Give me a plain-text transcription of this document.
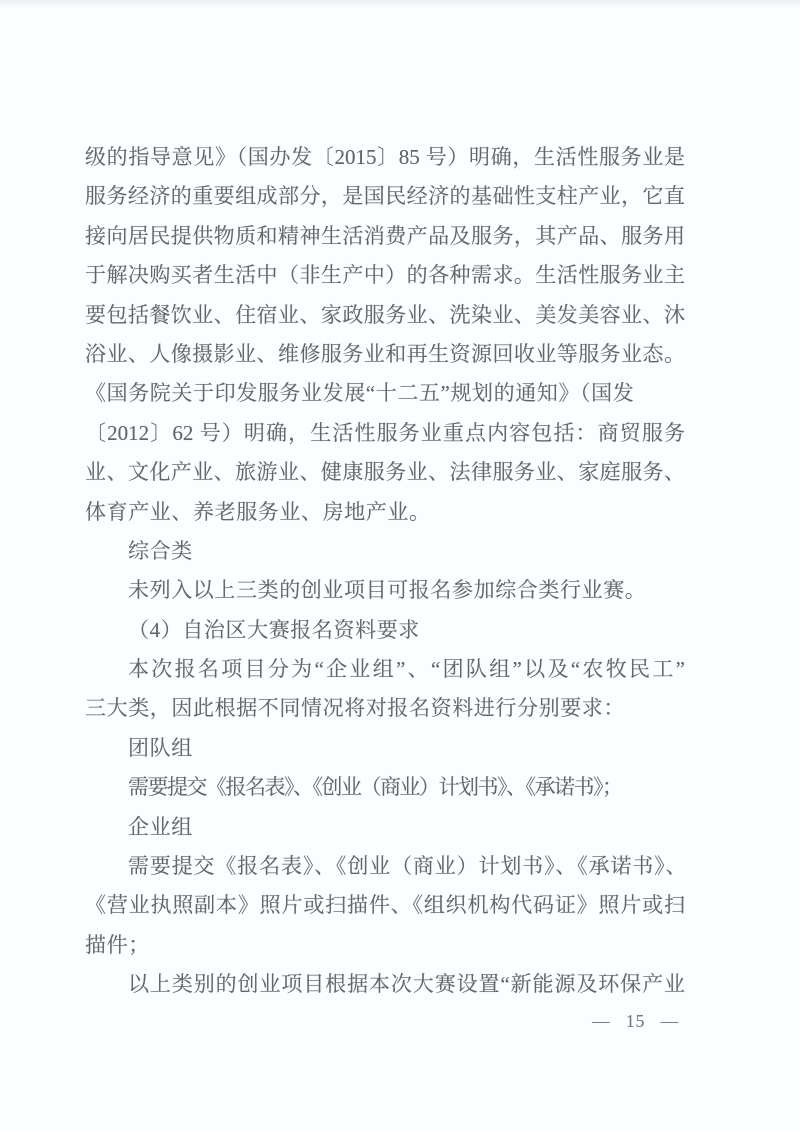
级的指导意见》（国办发〔2015〕85 号）明确，生活性服务业是
服务经济的重要组成部分，是国民经济的基础性支柱产业，它直
接向居民提供物质和精神生活消费产品及服务，其产品、服务用
于解决购买者生活中（非生产中）的各种需求。生活性服务业主
要包括餐饮业、住宿业、家政服务业、洗染业、美发美容业、沐
浴业、人像摄影业、维修服务业和再生资源回收业等服务业态。
《国务院关于印发服务业发展“十二五”规划的通知》（国发
〔2012〕62 号）明确，生活性服务业重点内容包括：商贸服务
业、文化产业、旅游业、健康服务业、法律服务业、家庭服务、
体育产业、养老服务业、房地产业。
综合类
未列入以上三类的创业项目可报名参加综合类行业赛。
（4）自治区大赛报名资料要求
本次报名项目分为“企业组”、“团队组”以及“农牧民工”
三大类，因此根据不同情况将对报名资料进行分别要求：
团队组
需要提交《报名表》、《创业（商业）计划书》、《承诺书》；
企业组
需要提交《报名表》、《创业（商业）计划书》、《承诺书》、
《营业执照副本》照片或扫描件、《组织机构代码证》照片或扫
描件；
以上类别的创业项目根据本次大赛设置“新能源及环保产业
— 15 —
